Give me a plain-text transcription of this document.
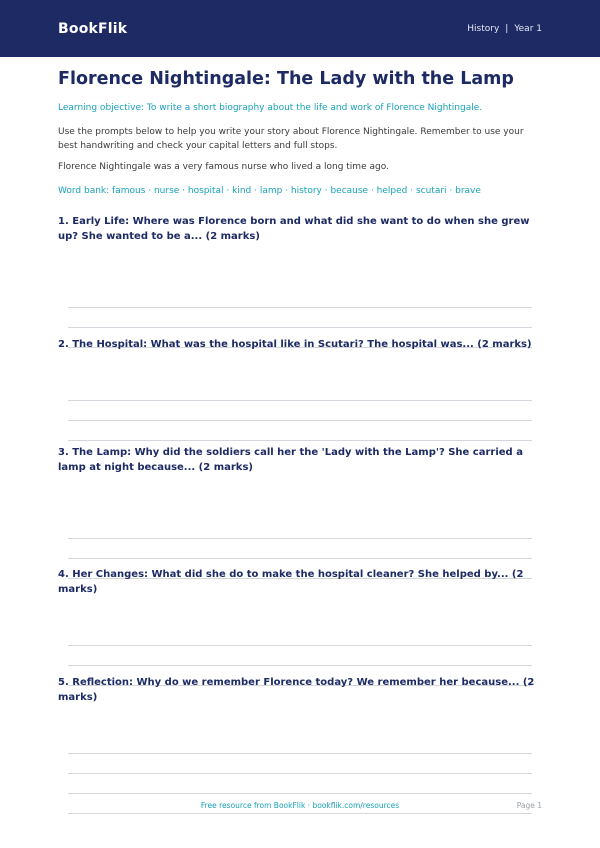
BookFlik	History | Year 1
Florence Nightingale: The Lady with the Lamp
Learning objective: To write a short biography about the life and work of Florence Nightingale.
Use the prompts below to help you write your story about Florence Nightingale. Remember to use your best handwriting and check your capital letters and full stops.
Florence Nightingale was a very famous nurse who lived a long time ago.
Word bank: famous · nurse · hospital · kind · lamp · history · because · helped · scutari · brave
1. Early Life: Where was Florence born and what did she want to do when she grew up? She wanted to be a... (2 marks)
2. The Hospital: What was the hospital like in Scutari? The hospital was... (2 marks)
3. The Lamp: Why did the soldiers call her the 'Lady with the Lamp'? She carried a lamp at night because... (2 marks)
4. Her Changes: What did she do to make the hospital cleaner? She helped by... (2 marks)
5. Reflection: Why do we remember Florence today? We remember her because... (2 marks)
Free resource from BookFlik · bookflik.com/resources	Page 1
